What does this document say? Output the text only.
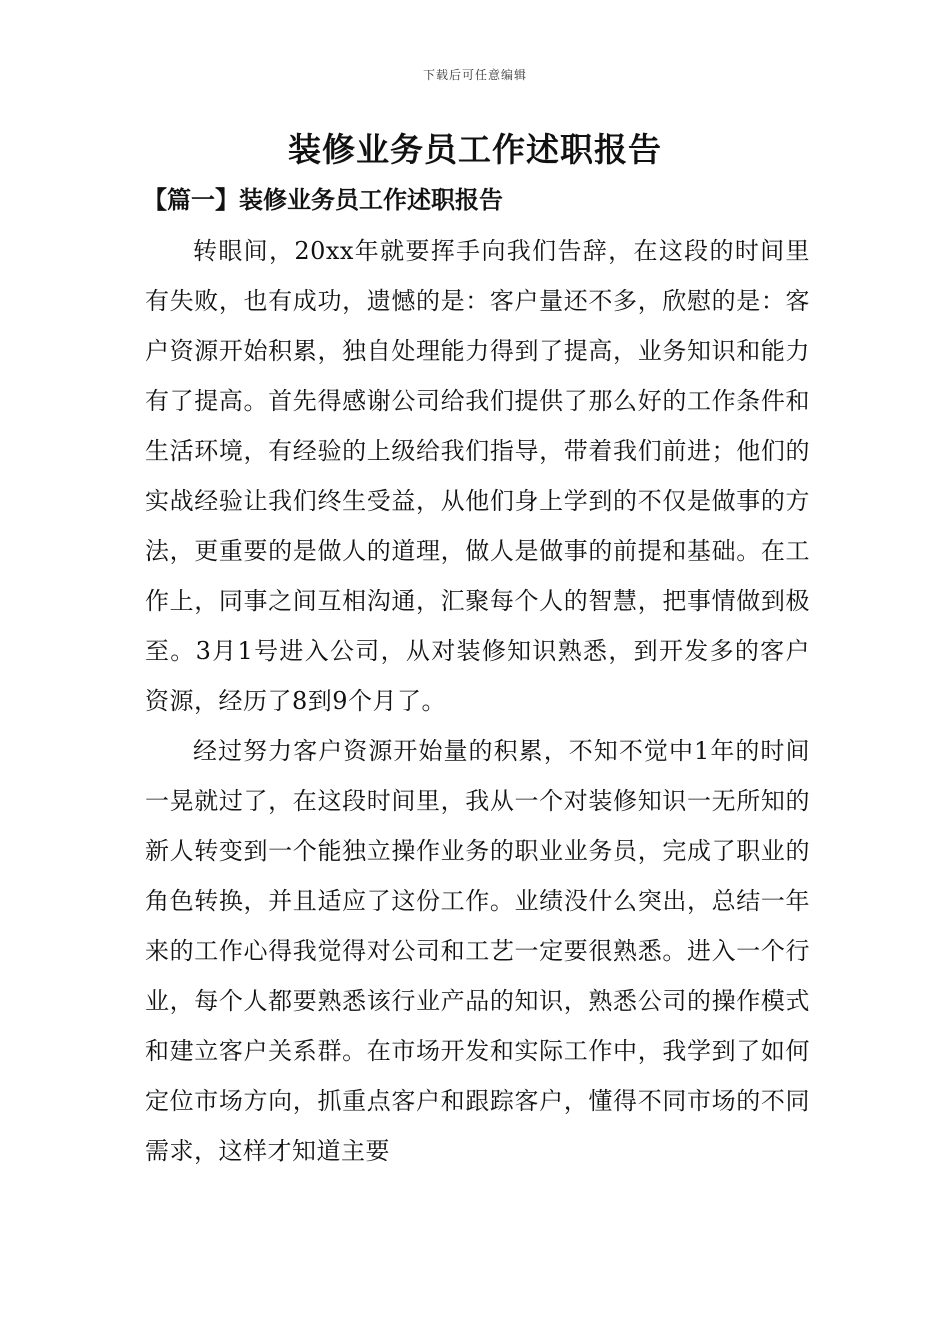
下载后可任意编辑
装修业务员工作述职报告
【篇一】装修业务员工作述职报告

转眼间，20xx年就要挥手向我们告辞，在这段的时间里有失败，也有成功，遗憾的是：客户量还不多，欣慰的是：客户资源开始积累，独自处理能力得到了提高，业务知识和能力有了提高。首先得感谢公司给我们提供了那么好的工作条件和生活环境，有经验的上级给我们指导，带着我们前进；他们的实战经验让我们终生受益，从他们身上学到的不仅是做事的方法，更重要的是做人的道理，做人是做事的前提和基础。在工作上，同事之间互相沟通，汇聚每个人的智慧，把事情做到极至。3月1号进入公司，从对装修知识熟悉，到开发多的客户资源，经历了8到9个月了。

经过努力客户资源开始量的积累，不知不觉中1年的时间一晃就过了，在这段时间里，我从一个对装修知识一无所知的新人转变到一个能独立操作业务的职业业务员，完成了职业的角色转换，并且适应了这份工作。业绩没什么突出，总结一年来的工作心得我觉得对公司和工艺一定要很熟悉。进入一个行业，每个人都要熟悉该行业产品的知识，熟悉公司的操作模式和建立客户关系群。在市场开发和实际工作中，我学到了如何定位市场方向，抓重点客户和跟踪客户，懂得不同市场的不同需求，这样才知道主要
